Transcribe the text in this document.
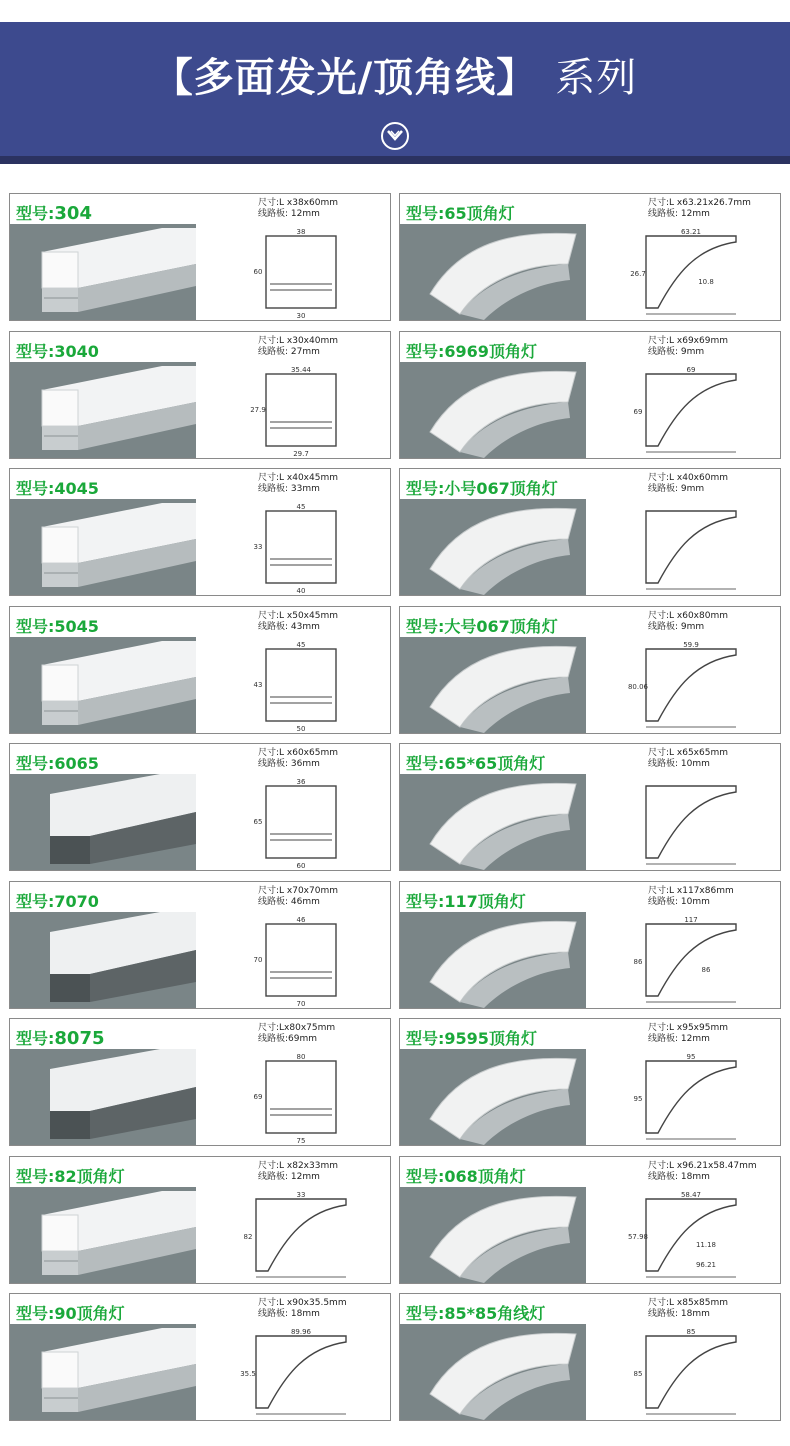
【多面发光/顶角线】 系列
型号:304	尺寸:L x38x60mm
线路板: 12mm
38
60
30
型号:65顶角灯
尺寸:L x63.21x26.7mm
线路板: 12mm
63.21
26.7
10.8
型号:3040
尺寸:L x30x40mm
线路板: 27mm
35.44
27.9
29.7
型号:6969顶角灯
尺寸:L x69x69mm
线路板: 9mm
69
69
型号:4045
尺寸:L x40x45mm
线路板: 33mm
45
33
40
型号:小号067顶角灯
尺寸:L x40x60mm
线路板: 9mm
型号:5045
尺寸:L x50x45mm
线路板: 43mm
45
43
50
型号:大号067顶角灯
尺寸:L x60x80mm
线路板: 9mm
59.9
80.06
型号:6065
尺寸:L x60x65mm
线路板: 36mm
36
65
60
型号:65*65顶角灯
尺寸:L x65x65mm
线路板: 10mm
型号:7070
尺寸:L x70x70mm
线路板: 46mm
46
70
70
型号:117顶角灯
尺寸:L x117x86mm
线路板: 10mm
117
86
86
型号:8075	尺寸:Lx80x75mm
线路板:69mm
80
69
75
型号:9595顶角灯
尺寸:L x95x95mm
线路板: 12mm
95
95
型号:82顶角灯
尺寸:L x82x33mm
线路板: 12mm
33
82
型号:068顶角灯
尺寸:L x96.21x58.47mm
线路板: 18mm
58.47
57.98
11.18
96.21
型号:90顶角灯
尺寸:L x90x35.5mm
线路板: 18mm
89.96
35.5
型号:85*85角线灯
尺寸:L x85x85mm
线路板: 18mm
85
85
